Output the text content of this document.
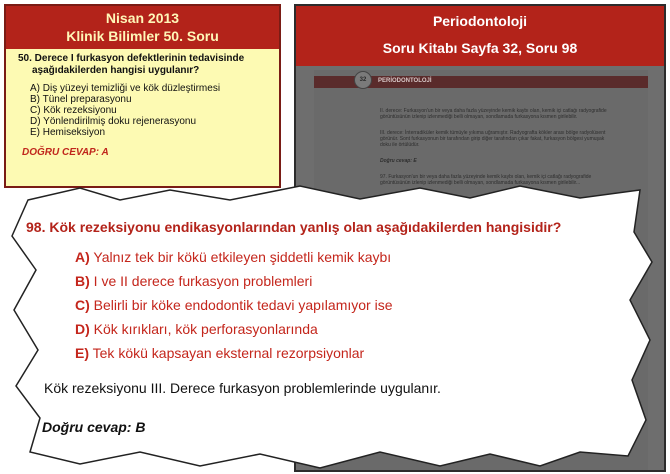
Nisan 2013
Klinik Bilimler 50. Soru
50. Derece I furkasyon defektlerinin tedavisinde
aşağıdakilerden hangisi uygulanır?
A) Diş yüzeyi temizliği ve kök düzleştirmesi
B) Tünel preparasyonu
C) Kök rezeksiyonu
D) Yönlendirilmiş doku rejenerasyonu
E) Hemiseksiyon
DOĞRU CEVAP: A
Periodontoloji
Soru Kitabı Sayfa 32, Soru 98
32	PERİODONTOLOJİ
II. derece: Furkasyon'un bir veya daha fazla yüzeyinde kemik kaybı olan, kemik içi catlaǵı radyografide görüntüsünün izlenip izlenmediği belli olmayan, sondlamada furkasyona kısmen girilebilir.
III. derece: İnterradiküler kemik tümüyle yıkıma uğramıştır. Radyografta kökler arası bölge radyolüsent görünür. Sont furkasyonun bir tarafından girip diğer tarafından çıkar fakat, furkasyon bölgesi yumuşak doku ile örtülüdür.
Doğru cevap: E
97. Furkasyon'un bir veya daha fazla yüzeyinde kemik kaybı olan, kemik içi catlağı radyografide görüntüsünün izlenip izlenmediği belli olmayan, sondlamada furkasyona kısmen girilebilir...
98. Kök rezeksiyonu endikasyonlarından yanlış olan aşağıdakilerden hangisidir?
A) Yalnız tek bir kökü etkileyen şiddetli kemik kaybı
B) I ve II derece furkasyon problemleri
C) Belirli bir köke endodontik tedavi yapılamıyor ise
D) Kök kırıkları, kök perforasyonlarında
E) Tek kökü kapsayan eksternal rezorpsiyonlar
Kök rezeksiyonu III. Derece furkasyon problemlerinde uygulanır.
Doğru cevap: B
